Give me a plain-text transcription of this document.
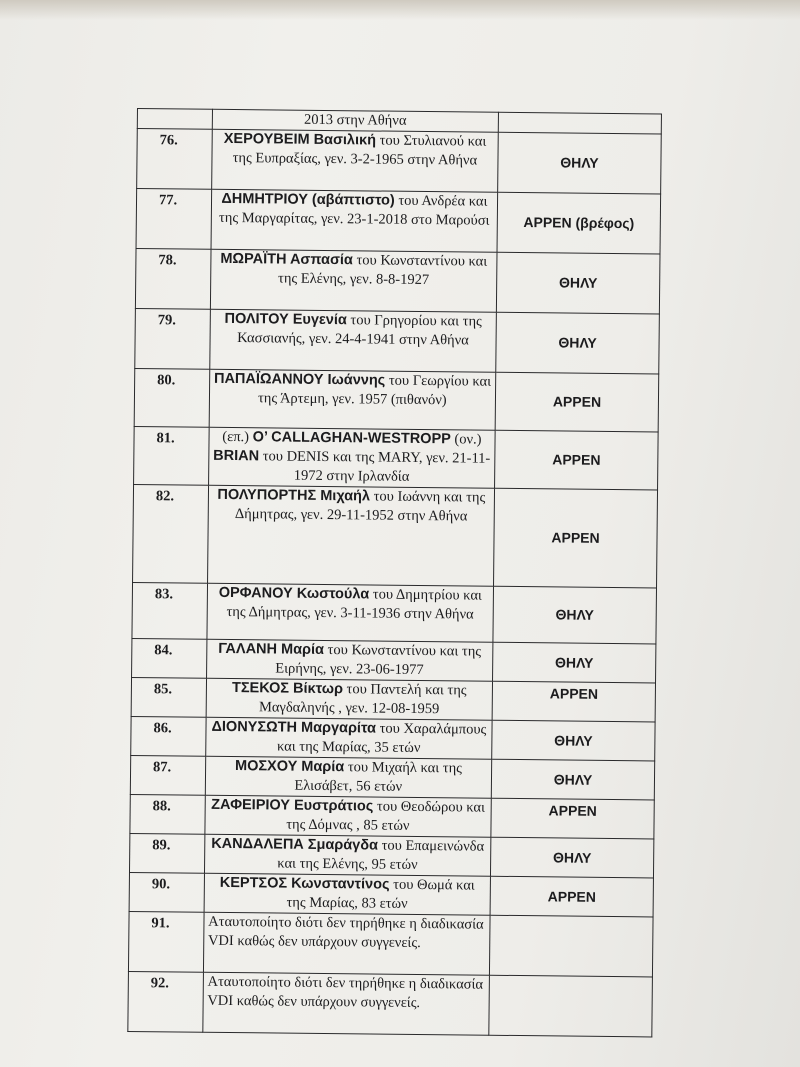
	2013 στην Αθήνα	
76.	ΧΕΡΟΥΒΕΙΜ Βασιλική του Στυλιανού και της Ευπραξίας, γεν. 3-2-1965 στην Αθήνα	ΘΗΛΥ
77.	ΔΗΜΗΤΡΙΟΥ (αβάπτιστο) του Ανδρέα και της Μαργαρίτας, γεν. 23-1-2018 στο Μαρούσι	ΑΡΡΕΝ (βρέφος)
78.	ΜΩΡΑΪΤΗ Ασπασία του Κωνσταντίνου και της Ελένης, γεν. 8-8-1927	ΘΗΛΥ
79.	ΠΟΛΙΤΟΥ Ευγενία του Γρηγορίου και της Κασσιανής, γεν. 24-4-1941 στην Αθήνα	ΘΗΛΥ
80.	ΠΑΠΑΪΩΑΝΝΟΥ Ιωάννης του Γεωργίου και της Άρτεμη, γεν. 1957 (πιθανόν)	ΑΡΡΕΝ
81.	(επ.) O’ CALLAGHAN-WESTROPP (ον.) BRIAN του DENIS και της MARY, γεν. 21-11-1972 στην Ιρλανδία	ΑΡΡΕΝ
82.	ΠΟΛΥΠΟΡΤΗΣ Μιχαήλ του Ιωάννη και της Δήμητρας, γεν. 29-11-1952 στην Αθήνα	ΑΡΡΕΝ
83.	ΟΡΦΑΝΟΥ Κωστούλα του Δημητρίου και της Δήμητρας, γεν. 3-11-1936 στην Αθήνα	ΘΗΛΥ
84.	ΓΑΛΑΝΗ Μαρία του Κωνσταντίνου και της Ειρήνης, γεν. 23-06-1977	ΘΗΛΥ
85.	ΤΣΕΚΟΣ Βίκτωρ του Παντελή και της Μαγδαληνής , γεν. 12-08-1959	ΑΡΡΕΝ
86.	ΔΙΟΝΥΣΩΤΗ Μαργαρίτα του Χαραλάμπους και της Μαρίας, 35 ετών	ΘΗΛΥ
87.	ΜΟΣΧΟΥ Μαρία του Μιχαήλ και της Ελισάβετ, 56 ετών	ΘΗΛΥ
88.	ΖΑΦΕΙΡΙΟΥ Ευστράτιος του Θεοδώρου και της Δόμνας , 85 ετών	ΑΡΡΕΝ
89.	ΚΑΝΔΑΛΕΠΑ Σμαράγδα του Επαμεινώνδα και της Ελένης, 95 ετών	ΘΗΛΥ
90.	ΚΕΡΤΣΟΣ Κωνσταντίνος του Θωμά και της Μαρίας, 83 ετών	ΑΡΡΕΝ
91.	Αταυτοποίητο διότι δεν τηρήθηκε η διαδικασία VDI καθώς δεν υπάρχουν συγγενείς.	
92.	Αταυτοποίητο διότι δεν τηρήθηκε η διαδικασία VDI καθώς δεν υπάρχουν συγγενείς.	
